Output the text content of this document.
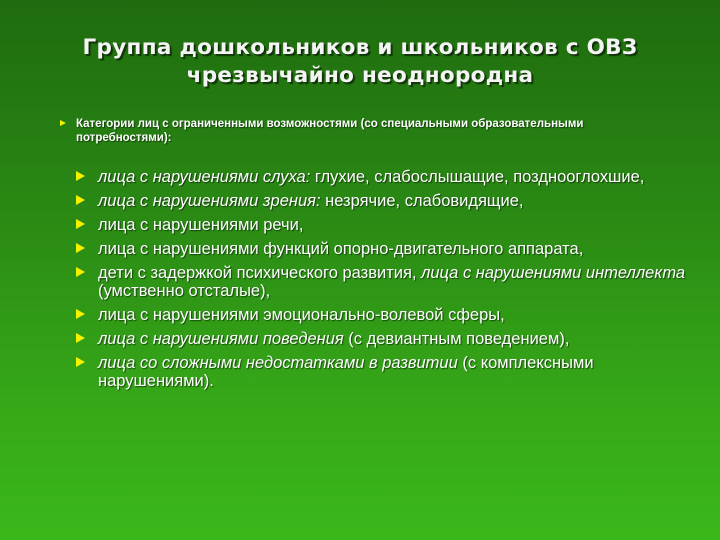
Группа дошкольников и школьников с ОВЗ
чрезвычайно неоднородна
Категории лиц с ограниченными возможностями (со специальными образовательными потребностями):
лица с нарушениями слуха: глухие, слабослышащие, позднооглохшие,
лица с нарушениями зрения: незрячие, слабовидящие,
лица с нарушениями речи,
лица с нарушениями функций опорно-двигательного аппарата,
дети с задержкой психического развития, лица с нарушениями интеллекта (умственно отсталые),
лица с нарушениями эмоционально-волевой сферы,
лица с нарушениями поведения (с девиантным поведением),
лица со сложными недостатками в развитии (с комплексными нарушениями).
